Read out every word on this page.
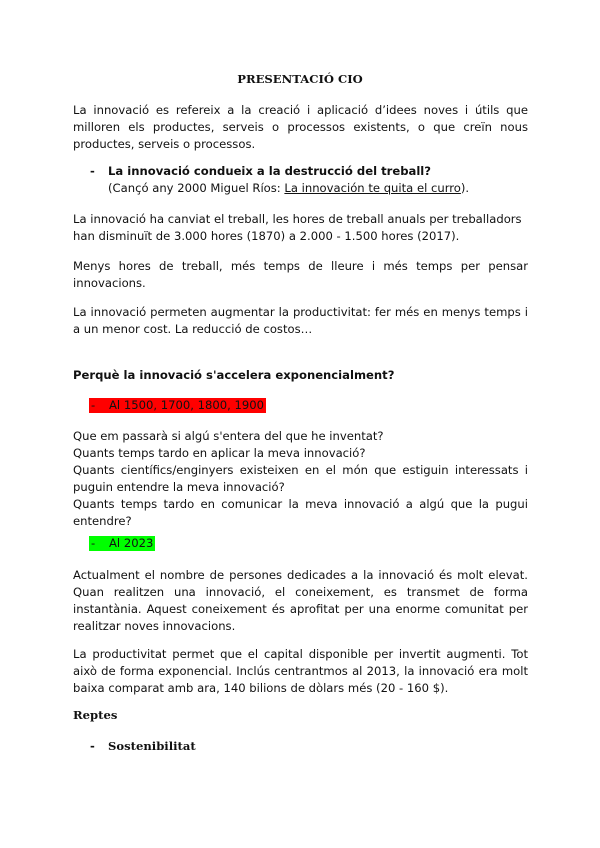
PRESENTACIÓ CIO
La innovació es refereix a la creació i aplicació d’idees noves i útils que milloren els productes, serveis o processos existents, o que creïn nous productes, serveis o processos.
- La innovació condueix a la destrucció del treball?
(Cançó any 2000 Miguel Ríos: La innovación te quita el curro).
La innovació ha canviat el treball, les hores de treball anuals per treballadors han disminuït de 3.000 hores (1870) a 2.000 - 1.500 hores (2017).
Menys hores de treball, més temps de lleure i més temps per pensar innovacions.
La innovació permeten augmentar la productivitat: fer més en menys temps i a un menor cost. La reducció de costos…
Perquè la innovació s'accelera exponencialment?
- Al 1500, 1700, 1800, 1900
Que em passarà si algú s'entera del que he inventat?
Quants temps tardo en aplicar la meva innovació?
Quants científics/enginyers existeixen en el món que estiguin interessats i puguin entendre la meva innovació?
Quants temps tardo en comunicar la meva innovació a algú que la pugui entendre?
- Al 2023
Actualment el nombre de persones dedicades a la innovació és molt elevat. Quan realitzen una innovació, el coneixement, es transmet de forma instantània. Aquest coneixement és aprofitat per una enorme comunitat per realitzar noves innovacions.
La productivitat permet que el capital disponible per invertit augmenti. Tot això de forma exponencial. Inclús centrantmos al 2013, la innovació era molt baixa comparat amb ara, 140 bilions de dòlars més (20 - 160 $).
Reptes
- Sostenibilitat
